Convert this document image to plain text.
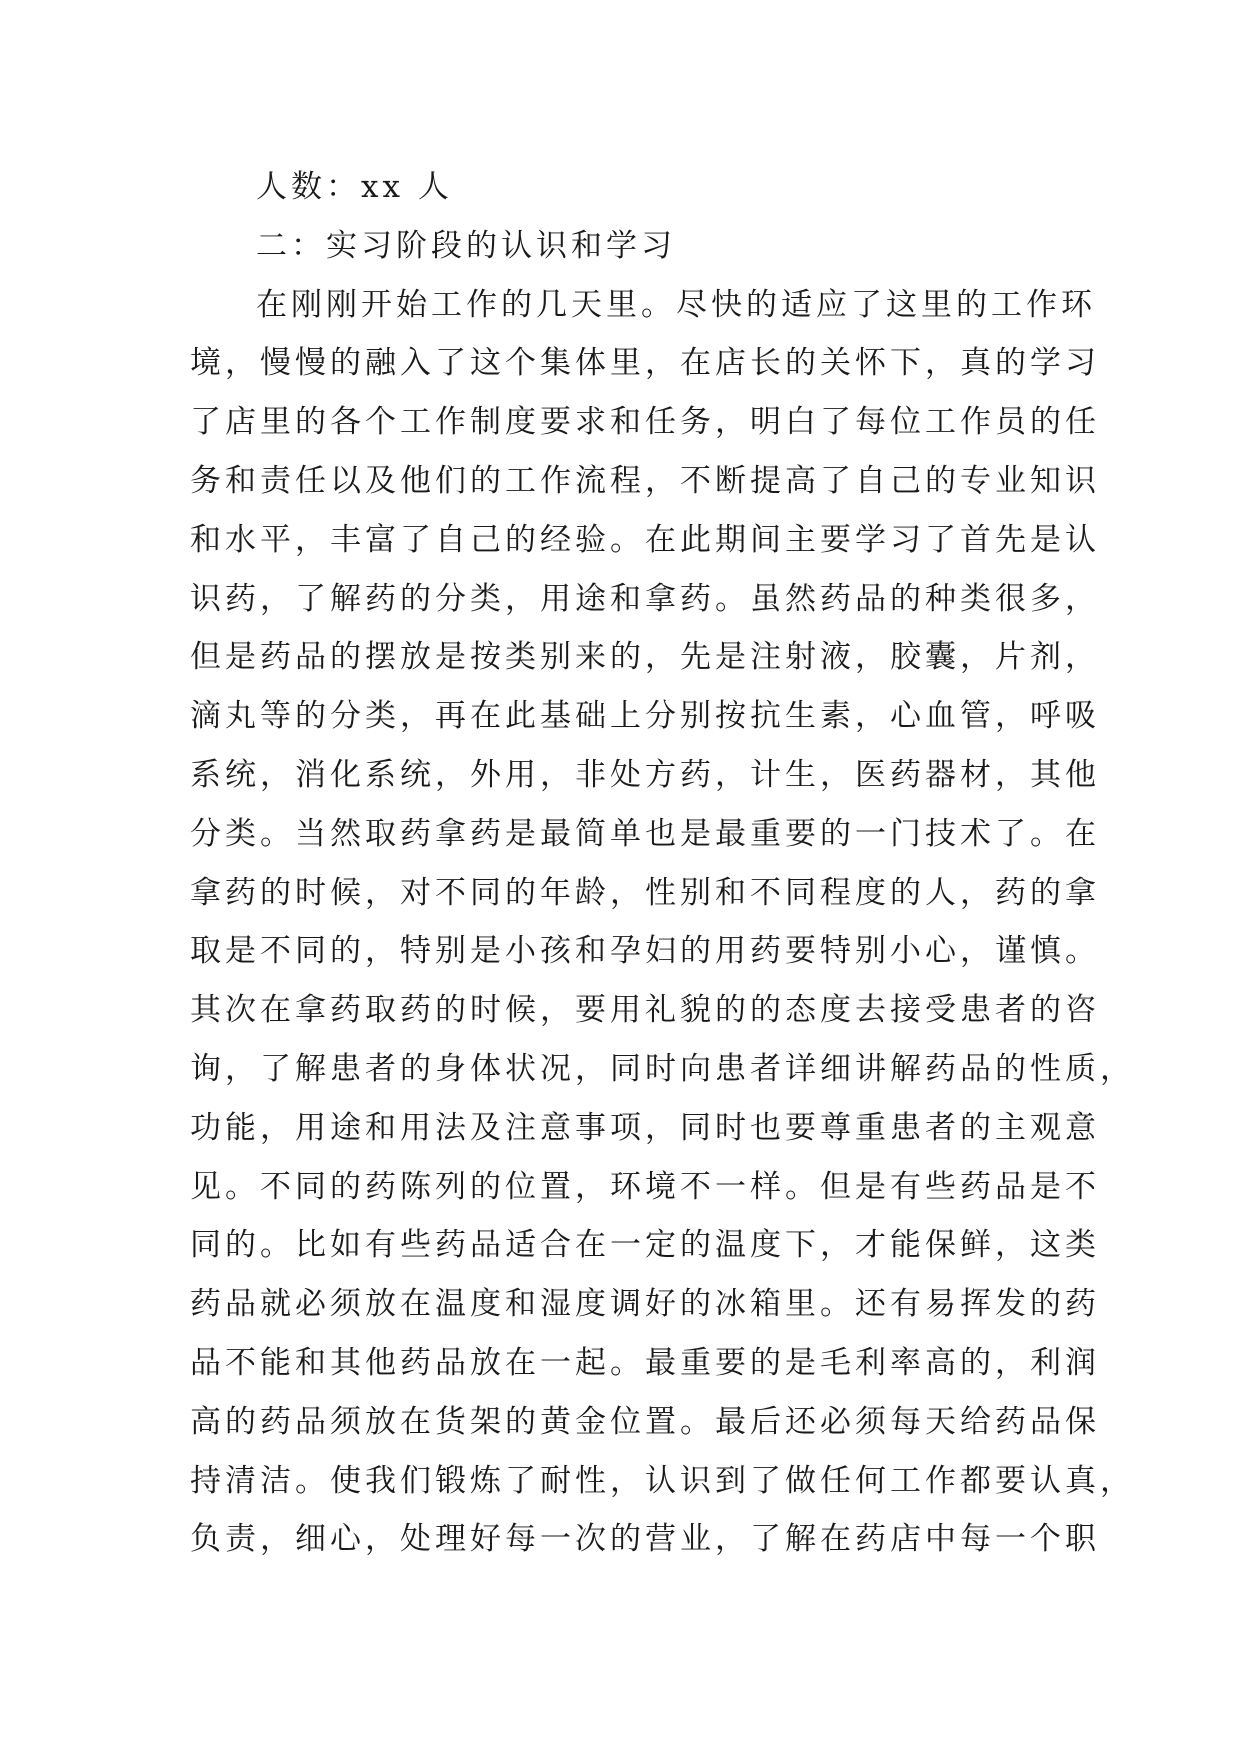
人数：xx 人
二：实习阶段的认识和学习
在刚刚开始工作的几天里。尽快的适应了这里的工作环
境，慢慢的融入了这个集体里，在店长的关怀下，真的学习
了店里的各个工作制度要求和任务，明白了每位工作员的任
务和责任以及他们的工作流程，不断提高了自己的专业知识
和水平，丰富了自己的经验。在此期间主要学习了首先是认
识药，了解药的分类，用途和拿药。虽然药品的种类很多，
但是药品的摆放是按类别来的，先是注射液，胶囊，片剂，
滴丸等的分类，再在此基础上分别按抗生素，心血管，呼吸
系统，消化系统，外用，非处方药，计生，医药器材，其他
分类。当然取药拿药是最简单也是最重要的一门技术了。在
拿药的时候，对不同的年龄，性别和不同程度的人，药的拿
取是不同的，特别是小孩和孕妇的用药要特别小心，谨慎。
其次在拿药取药的时候，要用礼貌的的态度去接受患者的咨
询，了解患者的身体状况，同时向患者详细讲解药品的性质，
功能，用途和用法及注意事项，同时也要尊重患者的主观意
见。不同的药陈列的位置，环境不一样。但是有些药品是不
同的。比如有些药品适合在一定的温度下，才能保鲜，这类
药品就必须放在温度和湿度调好的冰箱里。还有易挥发的药
品不能和其他药品放在一起。最重要的是毛利率高的，利润
高的药品须放在货架的黄金位置。最后还必须每天给药品保
持清洁。使我们锻炼了耐性，认识到了做任何工作都要认真，
负责，细心，处理好每一次的营业，了解在药店中每一个职
